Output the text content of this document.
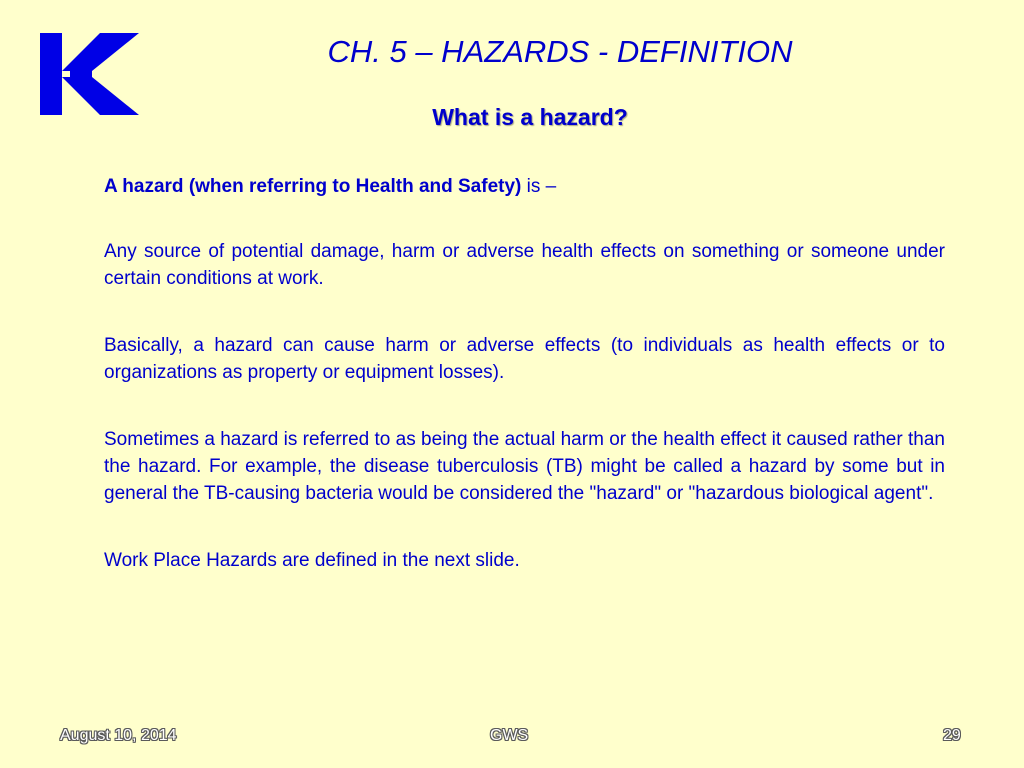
CH. 5 – HAZARDS - DEFINITION
What is a hazard?

A hazard (when referring to Health and Safety) is –

Any source of potential damage, harm or adverse health effects on something or someone under certain conditions at work.

Basically, a hazard can cause harm or adverse effects (to individuals as health effects or to organizations as property or equipment losses).

Sometimes a hazard is referred to as being the actual harm or the health effect it caused rather than the hazard. For example, the disease tuberculosis (TB) might be called a hazard by some but in general the TB-causing bacteria would be considered the "hazard" or "hazardous biological agent".

Work Place Hazards are defined in the next slide.

August 10, 2014	GWS	29
